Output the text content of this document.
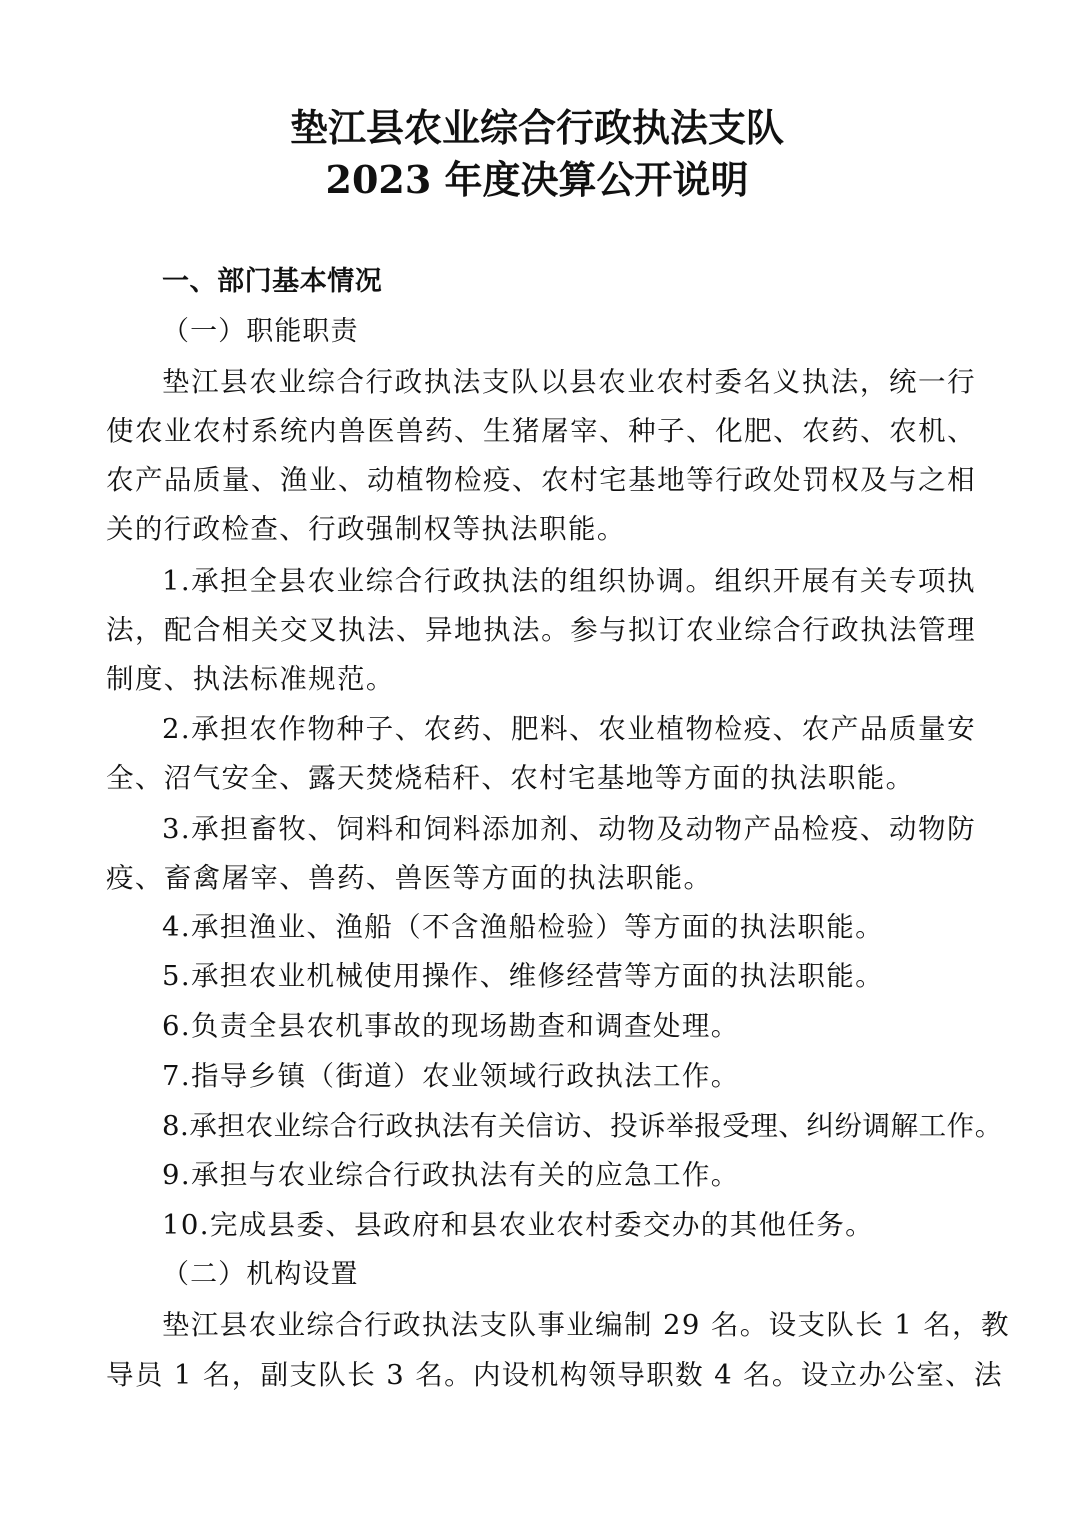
垫江县农业综合行政执法支队
2023 年度决算公开说明

一、部门基本情况

（一）职能职责

垫江县农业综合行政执法支队以县农业农村委名义执法，统一行

使农业农村系统内兽医兽药、生猪屠宰、种子、化肥、农药、农机、

农产品质量、渔业、动植物检疫、农村宅基地等行政处罚权及与之相

关的行政检查、行政强制权等执法职能。

1.承担全县农业综合行政执法的组织协调。组织开展有关专项执

法，配合相关交叉执法、异地执法。参与拟订农业综合行政执法管理

制度、执法标准规范。

2.承担农作物种子、农药、肥料、农业植物检疫、农产品质量安

全、沼气安全、露天焚烧秸秆、农村宅基地等方面的执法职能。

3.承担畜牧、饲料和饲料添加剂、动物及动物产品检疫、动物防

疫、畜禽屠宰、兽药、兽医等方面的执法职能。

4.承担渔业、渔船（不含渔船检验）等方面的执法职能。

5.承担农业机械使用操作、维修经营等方面的执法职能。

6.负责全县农机事故的现场勘查和调查处理。

7.指导乡镇（街道）农业领域行政执法工作。

8.承担农业综合行政执法有关信访、投诉举报受理、纠纷调解工作。

9.承担与农业综合行政执法有关的应急工作。

10.完成县委、县政府和县农业农村委交办的其他任务。

（二）机构设置

垫江县农业综合行政执法支队事业编制 29 名。设支队长 1 名，教

导员 1 名，副支队长 3 名。内设机构领导职数 4 名。设立办公室、法
